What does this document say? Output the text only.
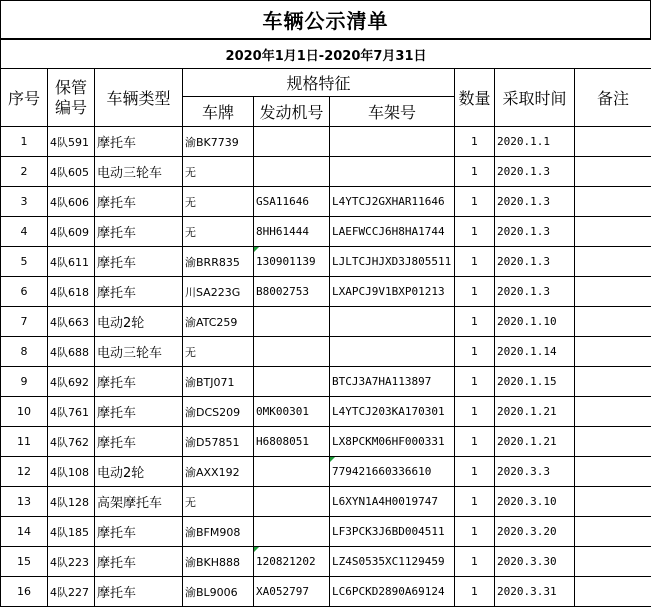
车辆公示清单
2020年1月1日-2020年7月31日								
序号	保管
编号	车辆类型	规格特征			数量	采取时间	备注
			车牌	发动机号	车架号			
1	4队591	摩托车	渝BK7739			1	2020.1.1	
2	4队605	电动三轮车	无			1	2020.1.3	
3	4队606	摩托车	无	GSA11646	L4YTCJ2GXHAR11646	1	2020.1.3	
4	4队609	摩托车	无	8HH61444	LAEFWCCJ6H8HA1744	1	2020.1.3	
5	4队611	摩托车	渝BRR835	130901139	LJLTCJHJXD3J805511	1	2020.1.3	
6	4队618	摩托车	川SA223G	B8002753	LXAPCJ9V1BXP01213	1	2020.1.3	
7	4队663	电动2轮	渝ATC259			1	2020.1.10	
8	4队688	电动三轮车	无			1	2020.1.14	
9	4队692	摩托车	渝BTJ071		BTCJ3A7HA113897	1	2020.1.15	
10	4队761	摩托车	渝DCS209	0MK00301	L4YTCJ203KA170301	1	2020.1.21	
11	4队762	摩托车	渝D57851	H6808051	LX8PCKM06HF000331	1	2020.1.21	
12	4队108	电动2轮	渝AXX192		779421660336610	1	2020.3.3	
13	4队128	高架摩托车	无		L6XYN1A4H0019747	1	2020.3.10	
14	4队185	摩托车	渝BFM908		LF3PCK3J6BD004511	1	2020.3.20	
15	4队223	摩托车	渝BKH888	120821202	LZ4S0535XC1129459	1	2020.3.30	
16	4队227	摩托车	渝BL9006	XA052797	LC6PCKD2890A69124	1	2020.3.31	
